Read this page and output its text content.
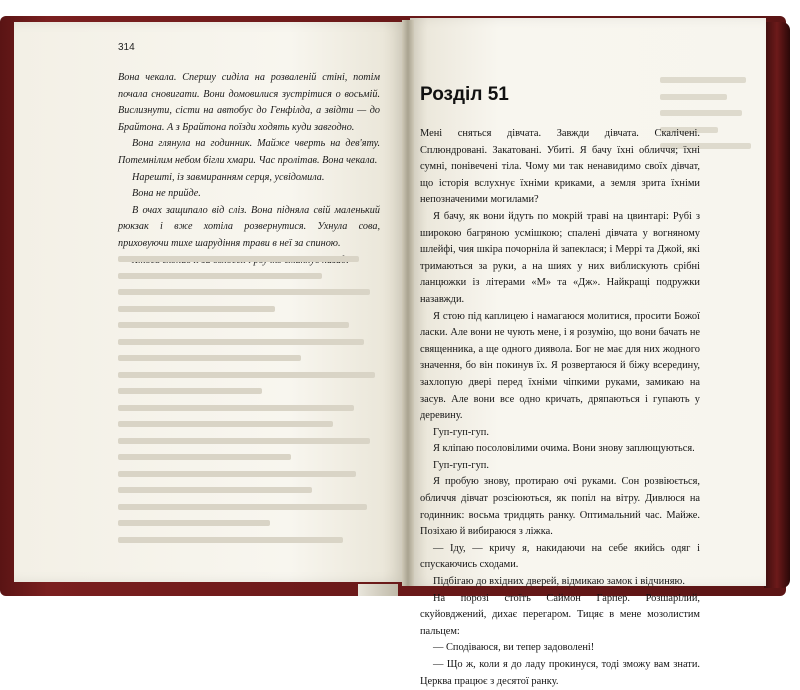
314

Вона чекала. Спершу сиділа на розваленій стіні, потім почала сновигати. Вони домовилися зустрітися о восьмій. Вислизнути, сісти на автобус до Генфілда, а звідти — до Брайтона. А з Брайтона поїзди ходять куди завгодно.

Вона глянула на годинник. Майже чверть на дев'яту. Потемнілим небом бігли хмари. Час пролітав. Вона чекала.

Нарешті, із завмиранням серця, усвідомила.

Вона не прийде.

В очах защипало від сліз. Вона підняла свій маленький рюкзак і вже хотіла розвернутися. Ухнула сова, приховуючи тихе шарудіння трави в неї за спиною.

Розділ 51

Мені сняться дівчата. Завжди дівчата. Скалічені. Сплюндровані. Закатовані. Убиті. Я бачу їхні обличчя; їхні сумні, понівечені тіла. Чому ми так ненавидимо своїх дівчат, що історія вслухнує їхніми криками, а земля зрита їхніми непозначеними могилами?

Я бачу, як вони йдуть по мокрій траві на цвинтарі: Рубі з широкою багряною усмішкою; спалені дівчата у вогняному шлейфі, чия шкіра почорніла й запеклася; і Меррі та Джой, які тримаються за руки, а на шиях у них виблискують срібні ланцюжки із літерами «М» та «Дж». Найкращі подружки назавжди.

Я стою під каплицею і намагаюся молитися, просити Божої ласки. Але вони не чують мене, і я розумію, що вони бачать не священника, а ще одного диявола. Бог не має для них жодного значення, бо він покинув їх. Я розвертаюся й біжу всередину, захлопую двері перед їхніми чіпкими руками, замикаю на засув. Але вони все одно кричать, дряпаються і гупають у деревину.

Гуп-гуп-гуп.

Я кліпаю посоловілими очима. Вони знову заплющуються.

Гуп-гуп-гуп.

Я пробую знову, протираю очі руками. Сон розвіюється, обличчя дівчат розсіюються, як попіл на вітру. Дивлюся на годинник: восьма тридцять ранку. Оптимальний час. Майже. Позіхаю й вибираюся з ліжка.

— Іду, — кричу я, накидаючи на себе якийсь одяг і спускаючись сходами.

Підбігаю до вхідних дверей, відмикаю замок і відчиняю.

На порозі стоїть Саймон Гарпер. Розшарілий, скуйовджений, дихає перегаром. Тицяє в мене мозолистим пальцем:

— Сподіваюся, ви тепер задоволені!

— Що ж, коли я до ладу прокинуся, тоді зможу вам знати. Церква працює з десятої ранку.
